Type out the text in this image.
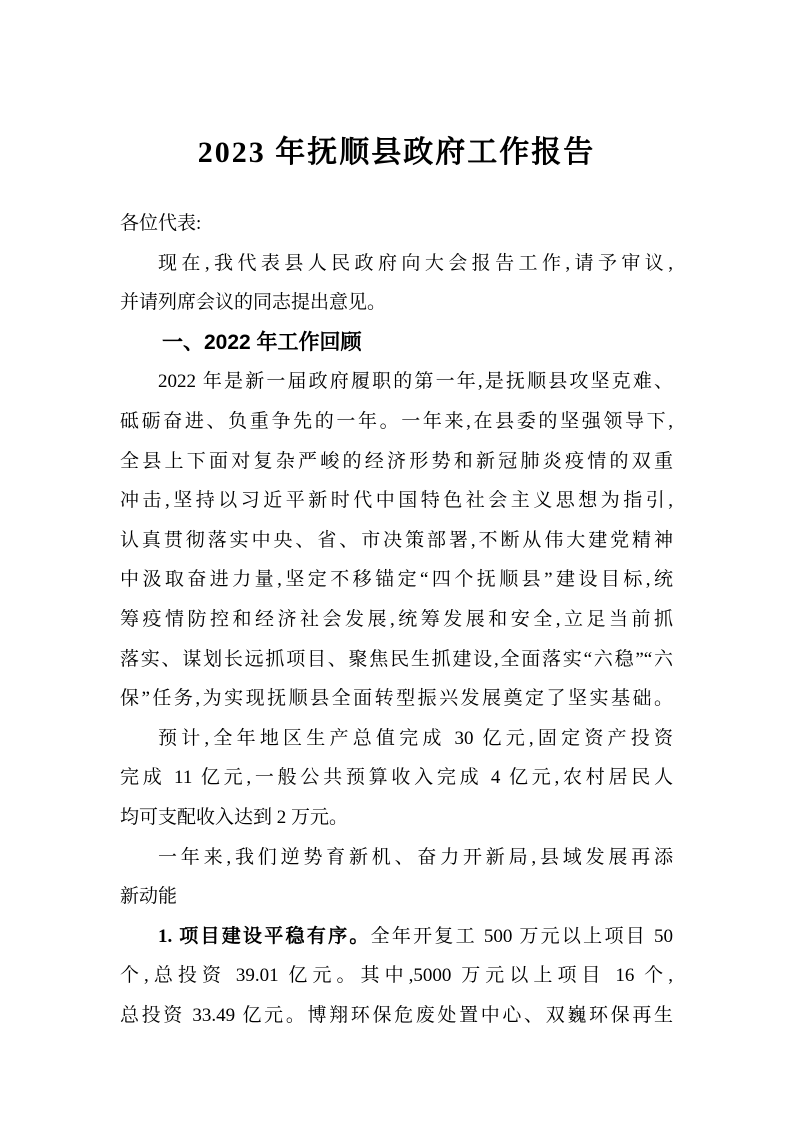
2023 年抚顺县政府工作报告
各位代表:
现在,我代表县人民政府向大会报告工作,请予审议,
并请列席会议的同志提出意见。
一、2022 年工作回顾
2022 年是新一届政府履职的第一年,是抚顺县攻坚克难、
砥砺奋进、负重争先的一年。一年来,在县委的坚强领导下,
全县上下面对复杂严峻的经济形势和新冠肺炎疫情的双重
冲击,坚持以习近平新时代中国特色社会主义思想为指引,
认真贯彻落实中央、省、市决策部署,不断从伟大建党精神
中汲取奋进力量,坚定不移锚定“四个抚顺县”建设目标,统
筹疫情防控和经济社会发展,统筹发展和安全,立足当前抓
落实、谋划长远抓项目、聚焦民生抓建设,全面落实“六稳”“六
保”任务,为实现抚顺县全面转型振兴发展奠定了坚实基础。
预计,全年地区生产总值完成 30 亿元,固定资产投资
完成 11 亿元,一般公共预算收入完成 4 亿元,农村居民人
均可支配收入达到 2 万元。
一年来,我们逆势育新机、奋力开新局,县域发展再添
新动能
1. 项目建设平稳有序。全年开复工 500 万元以上项目 50
个,总投资 39.01 亿元。其中,5000 万元以上项目 16 个,
总投资 33.49 亿元。博翔环保危废处置中心、双巍环保再生
